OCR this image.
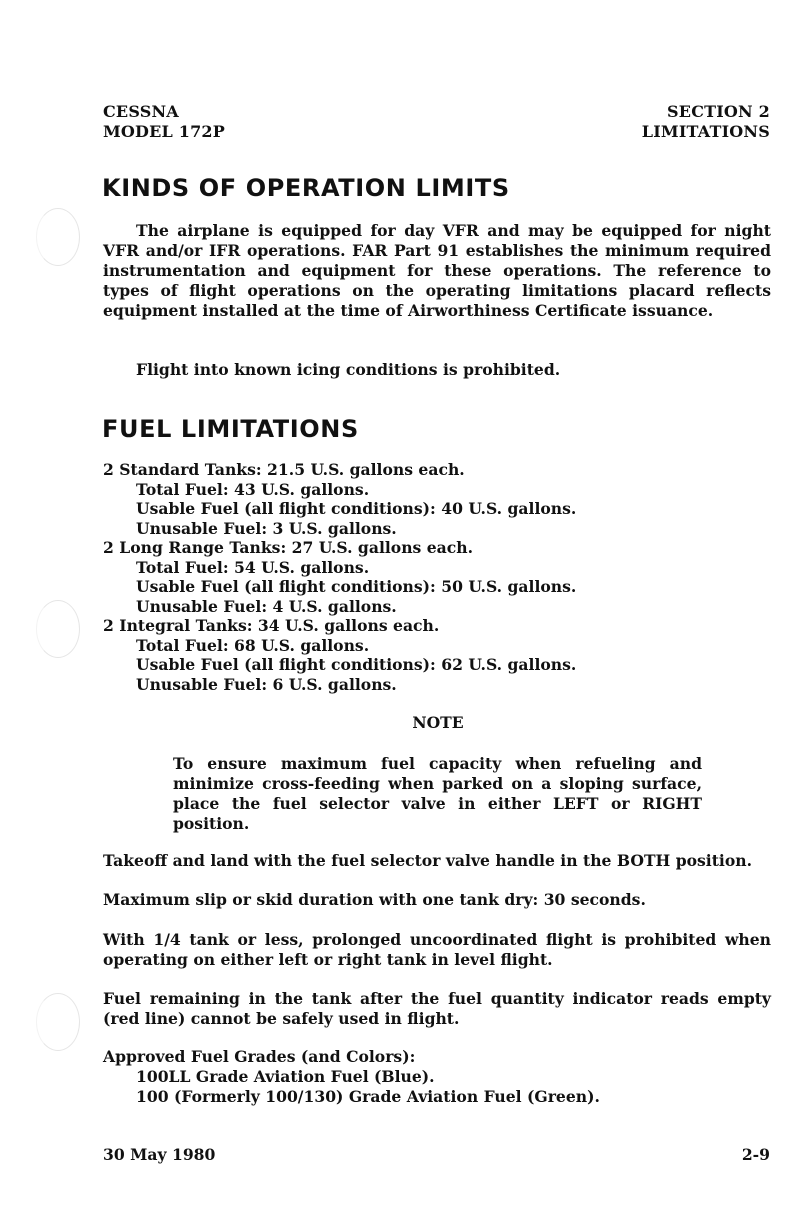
CESSNA
MODEL 172P
SECTION 2
LIMITATIONS
KINDS OF OPERATION LIMITS
The airplane is equipped for day VFR and may be equipped for night VFR and/or IFR operations. FAR Part 91 establishes the minimum required instrumentation and equipment for these operations. The reference to types of flight operations on the operating limitations placard reflects equipment installed at the time of Airworthiness Certificate issuance.
Flight into known icing conditions is prohibited.
FUEL LIMITATIONS
2 Standard Tanks: 21.5 U.S. gallons each.
Total Fuel: 43 U.S. gallons.
Usable Fuel (all flight conditions): 40 U.S. gallons.
Unusable Fuel: 3 U.S. gallons.
2 Long Range Tanks: 27 U.S. gallons each.
Total Fuel: 54 U.S. gallons.
Usable Fuel (all flight conditions): 50 U.S. gallons.
Unusable Fuel: 4 U.S. gallons.
2 Integral Tanks: 34 U.S. gallons each.
Total Fuel: 68 U.S. gallons.
Usable Fuel (all flight conditions): 62 U.S. gallons.
Unusable Fuel: 6 U.S. gallons.
NOTE
To ensure maximum fuel capacity when refueling and minimize cross-feeding when parked on a sloping surface, place the fuel selector valve in either LEFT or RIGHT position.
Takeoff and land with the fuel selector valve handle in the BOTH position.
Maximum slip or skid duration with one tank dry: 30 seconds.
With 1/4 tank or less, prolonged uncoordinated flight is prohibited when operating on either left or right tank in level flight.
Fuel remaining in the tank after the fuel quantity indicator reads empty (red line) cannot be safely used in flight.
Approved Fuel Grades (and Colors):
100LL Grade Aviation Fuel (Blue).
100 (Formerly 100/130) Grade Aviation Fuel (Green).
30 May 1980	2-9
